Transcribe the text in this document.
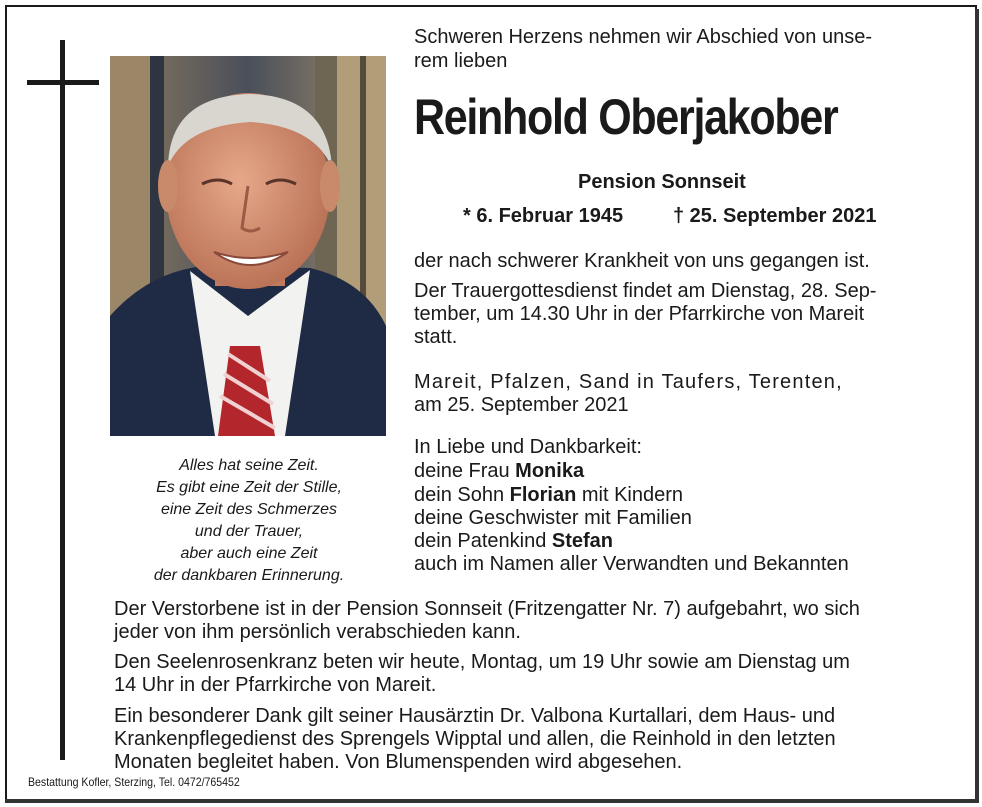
Alles hat seine Zeit.
Es gibt eine Zeit der Stille,
eine Zeit des Schmerzes
und der Trauer,
aber auch eine Zeit
der dankbaren Erinnerung.
Schweren Herzens nehmen wir Abschied von unse-
rem lieben
Reinhold Oberjakober
Pension Sonnseit
* 6. Februar 1945 † 25. September 2021
der nach schwerer Krankheit von uns gegangen ist.
Der Trauergottesdienst findet am Dienstag, 28. Sep-
tember, um 14.30 Uhr in der Pfarrkirche von Mareit
statt.
Mareit, Pfalzen, Sand in Taufers, Terenten,
am 25. September 2021
In Liebe und Dankbarkeit:
deine Frau Monika
dein Sohn Florian mit Kindern
deine Geschwister mit Familien
dein Patenkind Stefan
auch im Namen aller Verwandten und Bekannten
Der Verstorbene ist in der Pension Sonnseit (Fritzengatter Nr. 7) aufgebahrt, wo sich
jeder von ihm persönlich verabschieden kann.
Den Seelenrosenkranz beten wir heute, Montag, um 19 Uhr sowie am Dienstag um
14 Uhr in der Pfarrkirche von Mareit.
Ein besonderer Dank gilt seiner Hausärztin Dr. Valbona Kurtallari, dem Haus- und
Krankenpflegedienst des Sprengels Wipptal und allen, die Reinhold in den letzten
Monaten begleitet haben. Von Blumenspenden wird abgesehen.
Bestattung Kofler, Sterzing, Tel. 0472/765452
